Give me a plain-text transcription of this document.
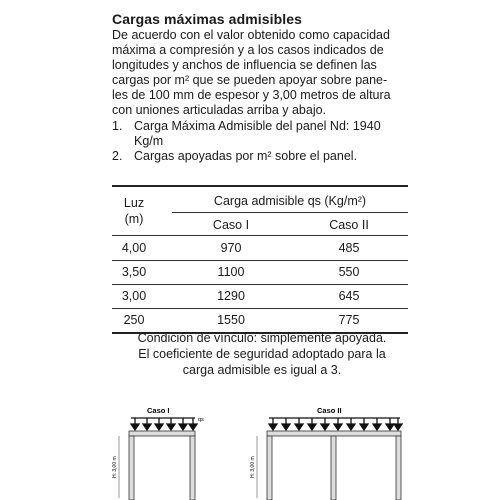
Cargas máximas admisibles

De acuerdo con el valor obtenido como capacidad

máxima a compresión y a los casos indicados de

longitudes y anchos de influencia se definen las

cargas por m² que se pueden apoyar sobre pane-

les de 100 mm de espesor y 3,00 metros de altura

con uniones articuladas arriba y abajo.

1. Carga Máxima Admisible del panel Nd: 1940
Kg/m
2. Cargas apoyadas por m² sobre el panel.
Luz
(m)
Carga admisible qs (Kg/m²)
Caso I	Caso II
4,00	970	485
3,50	1100	550
3,00	1290	645
250	1550	775
Condición de vínculo: simplemente apoyada.
El coeficiente de seguridad adoptado para la
carga admisible es igual a 3.
Caso I
qs
H: 3,00 m
Caso II
H: 3,00 m
